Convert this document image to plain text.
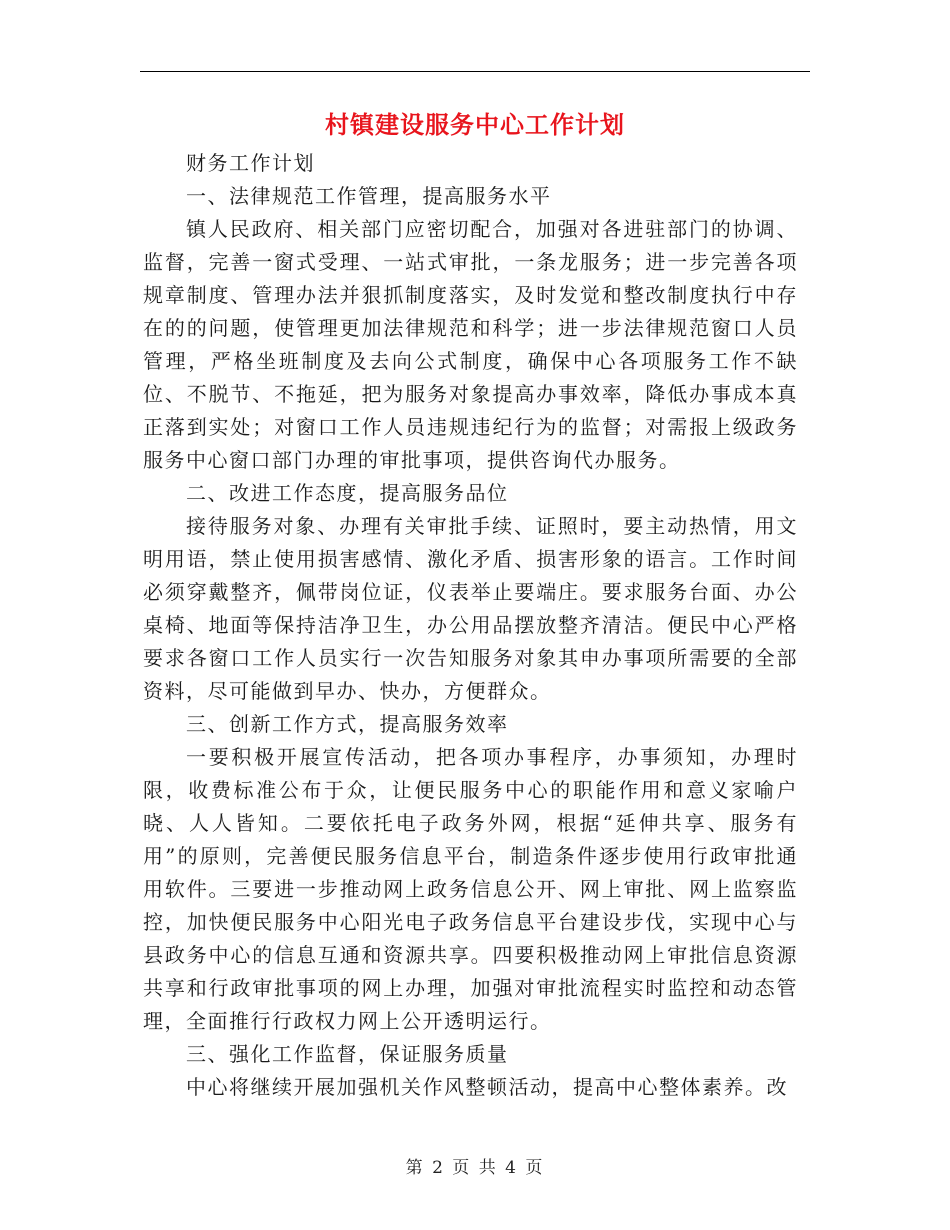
村镇建设服务中心工作计划

财务工作计划

一、法律规范工作管理，提高服务水平

镇人民政府、相关部门应密切配合，加强对各进驻部门的协调、监督，完善一窗式受理、一站式审批，一条龙服务；进一步完善各项规章制度、管理办法并狠抓制度落实，及时发觉和整改制度执行中存在的的问题，使管理更加法律规范和科学；进一步法律规范窗口人员管理，严格坐班制度及去向公式制度，确保中心各项服务工作不缺位、不脱节、不拖延，把为服务对象提高办事效率，降低办事成本真正落到实处；对窗口工作人员违规违纪行为的监督；对需报上级政务服务中心窗口部门办理的审批事项，提供咨询代办服务。

二、改进工作态度，提高服务品位

接待服务对象、办理有关审批手续、证照时，要主动热情，用文明用语，禁止使用损害感情、激化矛盾、损害形象的语言。工作时间必须穿戴整齐，佩带岗位证，仪表举止要端庄。要求服务台面、办公桌椅、地面等保持洁净卫生，办公用品摆放整齐清洁。便民中心严格要求各窗口工作人员实行一次告知服务对象其申办事项所需要的全部资料，尽可能做到早办、快办，方便群众。

三、创新工作方式，提高服务效率

一要积极开展宣传活动，把各项办事程序，办事须知，办理时限，收费标准公布于众，让便民服务中心的职能作用和意义家喻户晓、人人皆知。二要依托电子政务外网，根据“延伸共享、服务有用”的原则，完善便民服务信息平台，制造条件逐步使用行政审批通用软件。三要进一步推动网上政务信息公开、网上审批、网上监察监控，加快便民服务中心阳光电子政务信息平台建设步伐，实现中心与县政务中心的信息互通和资源共享。四要积极推动网上审批信息资源共享和行政审批事项的网上办理，加强对审批流程实时监控和动态管理，全面推行行政权力网上公开透明运行。

三、强化工作监督，保证服务质量

中心将继续开展加强机关作风整顿活动，提高中心整体素养。改

第 2 页 共 4 页
